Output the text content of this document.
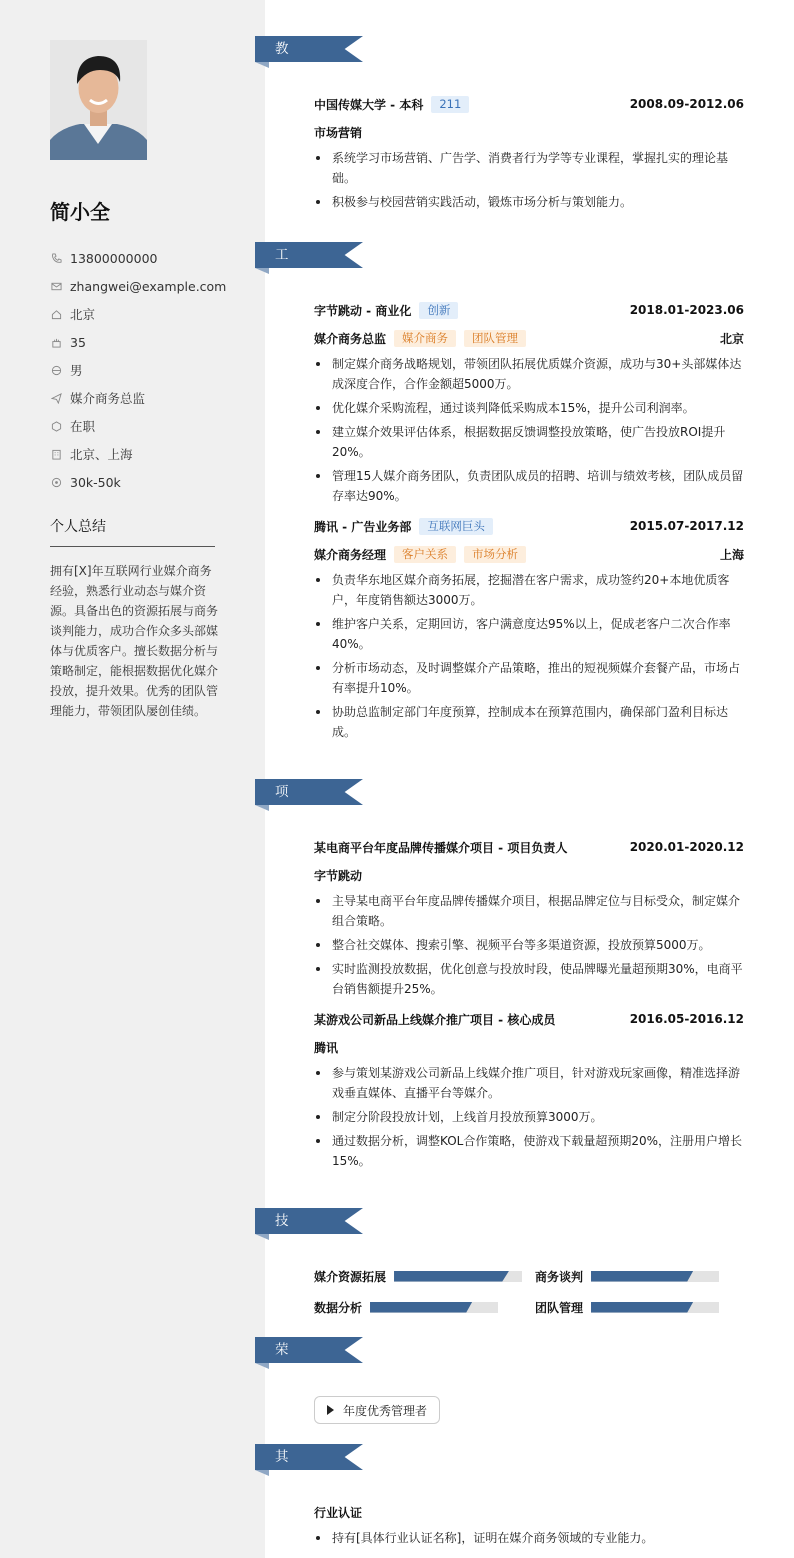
简小全
13800000000
zhangwei@example.com
北京
35
男
媒介商务总监
在职
北京、上海
30k-50k
个人总结
拥有[X]年互联网行业媒介商务经验，熟悉行业动态与媒介资源。具备出色的资源拓展与商务谈判能力，成功合作众多头部媒体与优质客户。擅长数据分析与策略制定，能根据数据优化媒介投放，提升效果。优秀的团队管理能力，带领团队屡创佳绩。
教育经历
中国传媒大学 - 本科	211	2008.09-2012.06
市场营销
系统学习市场营销、广告学、消费者行为学等专业课程，掌握扎实的理论基础。
积极参与校园营销实践活动，锻炼市场分析与策划能力。
工作经历
字节跳动 - 商业化	创新	2018.01-2023.06
媒介商务总监	媒介商务	团队管理	北京
制定媒介商务战略规划，带领团队拓展优质媒介资源，成功与30+头部媒体达成深度合作，合作金额超5000万。
优化媒介采购流程，通过谈判降低采购成本15%，提升公司利润率。
建立媒介效果评估体系，根据数据反馈调整投放策略，使广告投放ROI提升20%。
管理15人媒介商务团队，负责团队成员的招聘、培训与绩效考核，团队成员留存率达90%。
腾讯 - 广告业务部	互联网巨头	2015.07-2017.12
媒介商务经理	客户关系	市场分析	上海
负责华东地区媒介商务拓展，挖掘潜在客户需求，成功签约20+本地优质客户，年度销售额达3000万。
维护客户关系，定期回访，客户满意度达95%以上，促成老客户二次合作率40%。
分析市场动态，及时调整媒介产品策略，推出的短视频媒介套餐产品，市场占有率提升10%。
协助总监制定部门年度预算，控制成本在预算范围内，确保部门盈利目标达成。
项目经历
某电商平台年度品牌传播媒介项目 - 项目负责人	2020.01-2020.12
字节跳动
主导某电商平台年度品牌传播媒介项目，根据品牌定位与目标受众，制定媒介组合策略。
整合社交媒体、搜索引擎、视频平台等多渠道资源，投放预算5000万。
实时监测投放数据，优化创意与投放时段，使品牌曝光量超预期30%，电商平台销售额提升25%。
某游戏公司新品上线媒介推广项目 - 核心成员	2016.05-2016.12
腾讯
参与策划某游戏公司新品上线媒介推广项目，针对游戏玩家画像，精准选择游戏垂直媒体、直播平台等媒介。
制定分阶段投放计划，上线首月投放预算3000万。
通过数据分析，调整KOL合作策略，使游戏下载量超预期20%，注册用户增长15%。
技能专长
媒介资源拓展	商务谈判
数据分析	团队管理
荣誉奖项
年度优秀管理者
其他信息
行业认证
持有[具体行业认证名称]，证明在媒介商务领域的专业能力。
